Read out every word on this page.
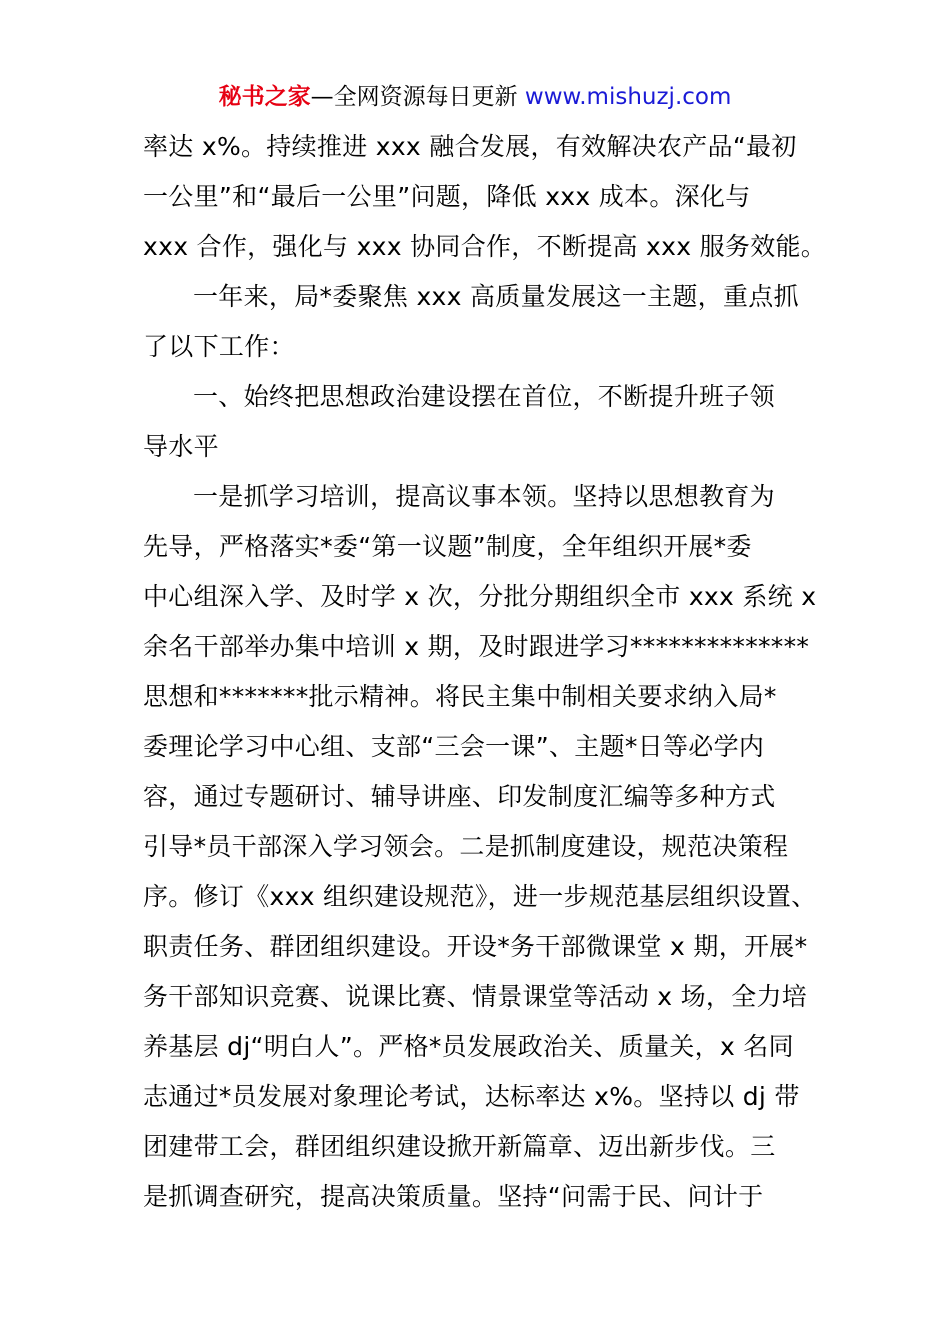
秘书之家—全网资源每日更新 www.mishuzj.com
率达 x%。持续推进 xxx 融合发展，有效解决农产品“最初
一公里”和“最后一公里”问题，降低 xxx 成本。深化与
xxx 合作，强化与 xxx 协同合作，不断提高 xxx 服务效能。
一年来，局*委聚焦 xxx 高质量发展这一主题，重点抓
了以下工作：
一、始终把思想政治建设摆在首位，不断提升班子领
导水平
一是抓学习培训，提高议事本领。坚持以思想教育为
先导，严格落实*委“第一议题”制度，全年组织开展*委
中心组深入学、及时学 x 次，分批分期组织全市 xxx 系统 x
余名干部举办集中培训 x 期，及时跟进学习**************
思想和*******批示精神。将民主集中制相关要求纳入局*
委理论学习中心组、支部“三会一课”、主题*日等必学内
容，通过专题研讨、辅导讲座、印发制度汇编等多种方式
引导*员干部深入学习领会。二是抓制度建设，规范决策程
序。修订《xxx 组织建设规范》，进一步规范基层组织设置、
职责任务、群团组织建设。开设*务干部微课堂 x 期，开展*
务干部知识竞赛、说课比赛、情景课堂等活动 x 场，全力培
养基层 dj“明白人”。严格*员发展政治关、质量关，x 名同
志通过*员发展对象理论考试，达标率达 x%。坚持以 dj 带
团建带工会，群团组织建设掀开新篇章、迈出新步伐。三
是抓调查研究，提高决策质量。坚持“问需于民、问计于
